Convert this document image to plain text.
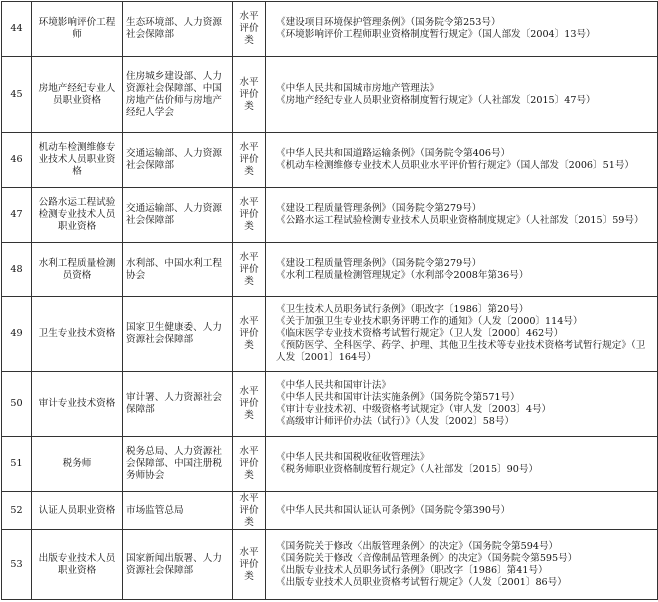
44	环境影响评价工程师	生态环境部、人力资源社会保障部	水平评价类	《建设项目环境保护管理条例》（国务院令第253号）
《环境影响评价工程师职业资格制度暂行规定》（国人部发〔2004〕13号）

45	房地产经纪专业人员职业资格	住房城乡建设部、人力资源社会保障部、中国房地产估价师与房地产经纪人学会	水平评价类	《中华人民共和国城市房地产管理法》
《房地产经纪专业人员职业资格制度暂行规定》（人社部发〔2015〕47号）

46	机动车检测维修专业技术人员职业资格	交通运输部、人力资源社会保障部	水平评价类	《中华人民共和国道路运输条例》（国务院令第406号）
《机动车检测维修专业技术人员职业水平评价暂行规定》（国人部发〔2006〕51号）

47	公路水运工程试验检测专业技术人员职业资格	交通运输部、人力资源社会保障部	水平评价类	《建设工程质量管理条例》（国务院令第279号）
《公路水运工程试验检测专业技术人员职业资格制度规定》（人社部发〔2015〕59号）

48	水利工程质量检测员资格	水利部、中国水利工程协会	水平评价类	《建设工程质量管理条例》（国务院令第279号）
《水利工程质量检测管理规定》（水利部令2008年第36号）

49	卫生专业技术资格	国家卫生健康委、人力资源社会保障部	水平评价类	《卫生技术人员职务试行条例》（职改字〔1986〕第20号）
《关于加强卫生专业技术职务评聘工作的通知》（人发〔2000〕114号）
《临床医学专业技术资格考试暂行规定》（卫人发〔2000〕462号）
《预防医学、全科医学、药学、护理、其他卫生技术等专业技术资格考试暂行规定》（卫
人发〔2001〕164号）

50	审计专业技术资格	审计署、人力资源社会保障部	水平评价类	《中华人民共和国审计法》
《中华人民共和国审计法实施条例》（国务院令第571号）
《审计专业技术初、中级资格考试规定》（审人发〔2003〕4号）
《高级审计师评价办法（试行）》（人发〔2002〕58号）

51	税务师	税务总局、人力资源社会保障部、中国注册税务师协会	水平评价类	《中华人民共和国税收征收管理法》
《税务师职业资格制度暂行规定》（人社部发〔2015〕90号）

52	认证人员职业资格	市场监管总局	水平评价类	《中华人民共和国认证认可条例》（国务院令第390号）

53	出版专业技术人员职业资格	国家新闻出版署、人力资源社会保障部	水平评价类	《国务院关于修改〈出版管理条例〉的决定》（国务院令第594号）
《国务院关于修改〈音像制品管理条例〉的决定》（国务院令第595号）
《出版专业技术人员职务试行条例》（职改字〔1986〕第41号）
《出版专业技术人员职业资格考试暂行规定》（人发〔2001〕86号）
